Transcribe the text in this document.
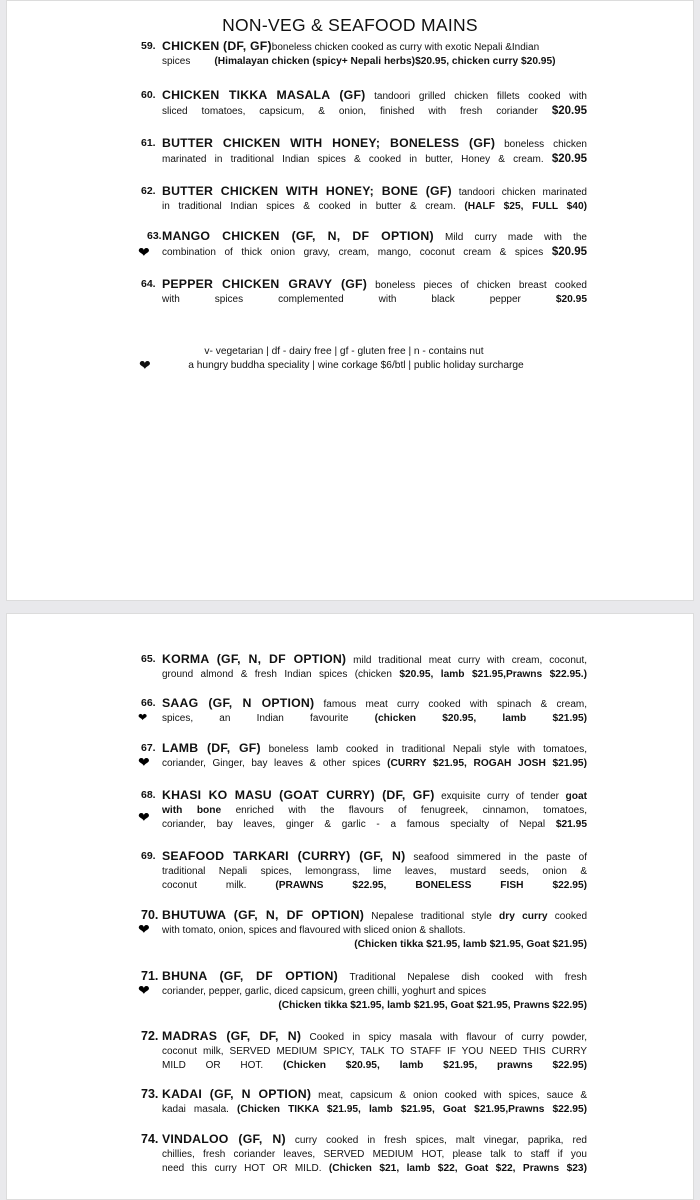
NON-VEG & SEAFOOD MAINS
59. CHICKEN (DF, GF)boneless chicken cooked as curry with exotic Nepali &Indian
spices (Himalayan chicken (spicy+ Nepali herbs)$20.95, chicken curry $20.95)
60. CHICKEN TIKKA MASALA (GF) tandoori grilled chicken fillets cooked with
sliced tomatoes, capsicum, & onion, finished with fresh coriander $20.95
61. BUTTER CHICKEN WITH HONEY; BONELESS (GF) boneless chicken
marinated in traditional Indian spices & cooked in butter, Honey & cream. $20.95
62. BUTTER CHICKEN WITH HONEY; BONE (GF) tandoori chicken marinated
in traditional Indian spices & cooked in butter & cream. (HALF $25, FULL $40)
❤
63. MANGO CHICKEN (GF, N, DF OPTION) Mild curry made with the
combination of thick onion gravy, cream, mango, coconut cream & spices $20.95
64. PEPPER CHICKEN GRAVY (GF) boneless pieces of chicken breast cooked
with spices complemented with black pepper	$20.95
v- vegetarian | df - dairy free | gf - gluten free | n - contains nut
❤	a hungry buddha speciality | wine corkage $6/btl | public holiday surcharge
65. KORMA (GF, N, DF OPTION) mild traditional meat curry with cream, coconut,
ground almond & fresh Indian spices (chicken $20.95, lamb $21.95,Prawns $22.95.)
❤
66. SAAG (GF, N OPTION) famous meat curry cooked with spinach & cream,
spices, an Indian favourite	(chicken $20.95, lamb $21.95)
❤
67. LAMB (DF, GF) boneless lamb cooked in traditional Nepali style with tomatoes,
coriander, Ginger, bay leaves & other spices (CURRY $21.95, ROGAH JOSH $21.95)
❤
68. KHASI KO MASU (GOAT CURRY) (DF, GF) exquisite curry of tender goat
with bone enriched with the flavours of fenugreek, cinnamon, tomatoes,
coriander, bay leaves, ginger & garlic - a famous specialty of Nepal $21.95
69. SEAFOOD TARKARI (CURRY) (GF, N) seafood simmered in the paste of
traditional Nepali spices, lemongrass, lime leaves, mustard seeds, onion &
coconut milk.	(PRAWNS $22.95, BONELESS FISH $22.95)
❤
70. BHUTUWA (GF, N, DF OPTION) Nepalese traditional style dry curry cooked
with tomato, onion, spices and flavoured with sliced onion & shallots.
(Chicken tikka $21.95, lamb $21.95, Goat $21.95)
❤
71. BHUNA (GF, DF OPTION) Traditional Nepalese dish cooked with fresh
coriander, pepper, garlic, diced capsicum, green chilli, yoghurt and spices
(Chicken tikka $21.95, lamb $21.95, Goat $21.95, Prawns $22.95)
72. MADRAS (GF, DF, N) Cooked in spicy masala with flavour of curry powder,
coconut milk, SERVED MEDIUM SPICY, TALK TO STAFF IF YOU NEED THIS CURRY
MILD OR HOT. (Chicken $20.95, lamb $21.95, prawns $22.95)
73. KADAI (GF, N OPTION) meat, capsicum & onion cooked with spices, sauce &
kadai masala. (Chicken TIKKA $21.95, lamb $21.95, Goat $21.95,Prawns $22.95)
74. VINDALOO (GF, N) curry cooked in fresh spices, malt vinegar, paprika, red
chillies, fresh coriander leaves, SERVED MEDIUM HOT, please talk to staff if you
need this curry HOT OR MILD. (Chicken $21, lamb $22, Goat $22, Prawns $23)
